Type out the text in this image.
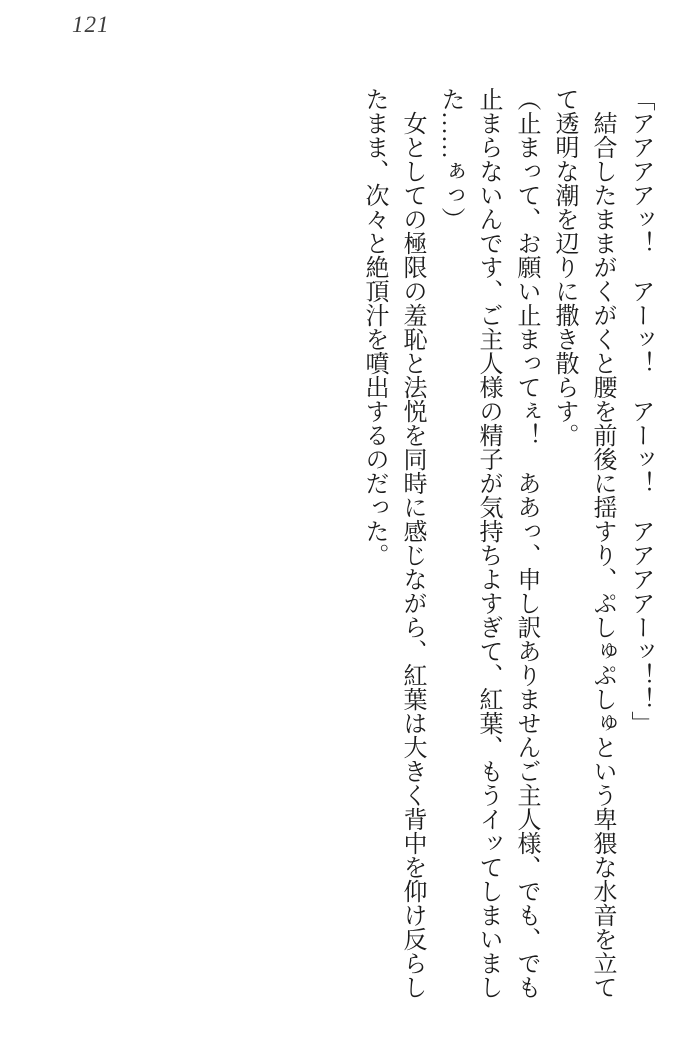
121

「アアアアッ！　アーッ！　アーッ！　アアアアーッ！！」

結合したままがくがくと腰を前後に揺すり、ぷしゅぷしゅという卑猥な水音を立てて透明な潮を辺りに撒き散らす。

（止まって、お願い止まってぇ！　ああっ、申し訳ありませんご主人様、でも、でも止まらないんです、ご主人様の精子が気持ちよすぎて、紅葉、もうイッてしまいました……ぁっ）

女としての極限の羞恥と法悦を同時に感じながら、紅葉は大きく背中を仰け反らしたまま、次々と絶頂汁を噴出するのだった。
